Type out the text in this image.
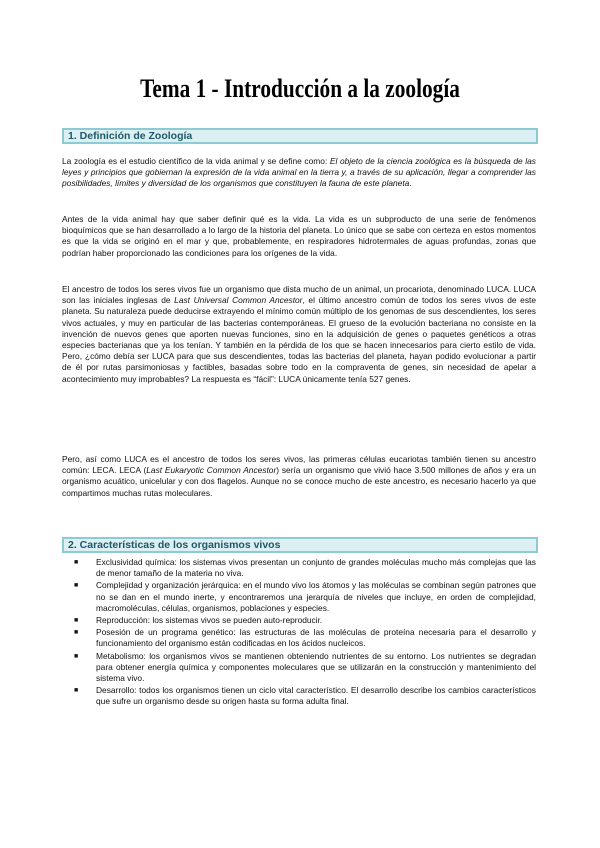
Tema 1 - Introducción a la zoología
1. Definición de Zoología
La zoología es el estudio científico de la vida animal y se define como: El objeto de la ciencia zoológica es la búsqueda de las leyes y principios que gobiernan la expresión de la vida animal en la tierra y, a través de su aplicación, llegar a comprender las posibilidades, límites y diversidad de los organismos que constituyen la fauna de este planeta.
Antes de la vida animal hay que saber definir qué es la vida. La vida es un subproducto de una serie de fenómenos bioquímicos que se han desarrollado a lo largo de la historia del planeta. Lo único que se sabe con certeza en estos momentos es que la vida se originó en el mar y que, probablemente, en respiradores hidrotermales de aguas profundas, zonas que podrían haber proporcionado las condiciones para los orígenes de la vida.
El ancestro de todos los seres vivos fue un organismo que dista mucho de un animal, un procariota, denominado LUCA. LUCA son las iniciales inglesas de Last Universal Common Ancestor, el último ancestro común de todos los seres vivos de este planeta. Su naturaleza puede deducirse extrayendo el mínimo común múltiplo de los genomas de sus descendientes, los seres vivos actuales, y muy en particular de las bacterias contemporáneas. El grueso de la evolución bacteriana no consiste en la invención de nuevos genes que aporten nuevas funciones, sino en la adquisición de genes o paquetes genéticos a otras especies bacterianas que ya los tenían. Y también en la pérdida de los que se hacen innecesarios para cierto estilo de vida. Pero, ¿cómo debía ser LUCA para que sus descendientes, todas las bacterias del planeta, hayan podido evolucionar a partir de él por rutas parsimoniosas y factibles, basadas sobre todo en la compraventa de genes, sin necesidad de apelar a acontecimiento muy improbables? La respuesta es “fácil”: LUCA únicamente tenía 527 genes.
Pero, así como LUCA es el ancestro de todos los seres vivos, las primeras células eucariotas también tienen su ancestro común: LECA. LECA (Last Eukaryotic Common Ancestor) sería un organismo que vivió hace 3.500 millones de años y era un organismo acuático, unicelular y con dos flagelos. Aunque no se conoce mucho de este ancestro, es necesario hacerlo ya que compartimos muchas rutas moleculares.
2. Características de los organismos vivos
■ Exclusividad química: los sistemas vivos presentan un conjunto de grandes moléculas mucho más complejas que las de menor tamaño de la materia no viva.
■ Complejidad y organización jerárquica: en el mundo vivo los átomos y las moléculas se combinan según patrones que no se dan en el mundo inerte, y encontraremos una jerarquía de niveles que incluye, en orden de complejidad, macromoléculas, células, organismos, poblaciones y especies.
■ Reproducción: los sistemas vivos se pueden auto-reproducir.
■ Posesión de un programa genético: las estructuras de las moléculas de proteína necesaria para el desarrollo y funcionamiento del organismo están codificadas en los ácidos nucleicos.
■ Metabolismo: los organismos vivos se mantienen obteniendo nutrientes de su entorno. Los nutrientes se degradan para obtener energía química y componentes moleculares que se utilizarán en la construcción y mantenimiento del sistema vivo.
■ Desarrollo: todos los organismos tienen un ciclo vital característico. El desarrollo describe los cambios característicos que sufre un organismo desde su origen hasta su forma adulta final.
